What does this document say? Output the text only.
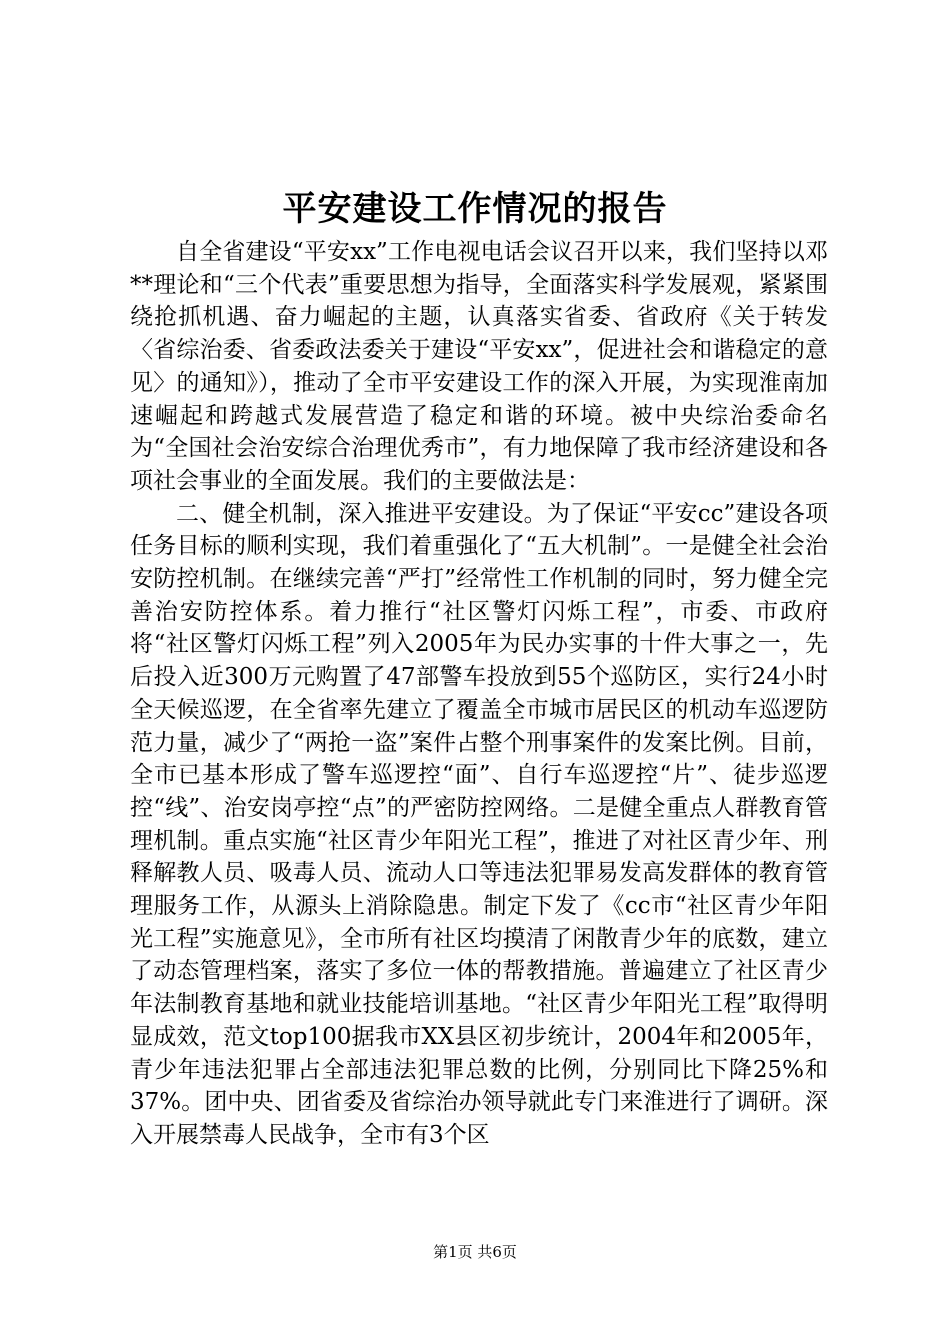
平安建设工作情况的报告

自全省建设“平安xx”工作电视电话会议召开以来，我们坚持以邓**理论和“三个代表”重要思想为指导，全面落实科学发展观，紧紧围绕抢抓机遇、奋力崛起的主题，认真落实省委、省政府《关于转发〈省综治委、省委政法委关于建设“平安xx”，促进社会和谐稳定的意见〉的通知》），推动了全市平安建设工作的深入开展，为实现淮南加速崛起和跨越式发展营造了稳定和谐的环境。被中央综治委命名为“全国社会治安综合治理优秀市”，有力地保障了我市经济建设和各项社会事业的全面发展。我们的主要做法是：

二、健全机制，深入推进平安建设。为了保证“平安cc”建设各项任务目标的顺利实现，我们着重强化了“五大机制”。一是健全社会治安防控机制。在继续完善“严打”经常性工作机制的同时，努力健全完善治安防控体系。着力推行“社区警灯闪烁工程”，市委、市政府将“社区警灯闪烁工程”列入2005年为民办实事的十件大事之一，先后投入近300万元购置了47部警车投放到55个巡防区，实行24小时全天候巡逻，在全省率先建立了覆盖全市城市居民区的机动车巡逻防范力量，减少了“两抢一盗”案件占整个刑事案件的发案比例。目前，全市已基本形成了警车巡逻控“面”、自行车巡逻控“片”、徒步巡逻控“线”、治安岗亭控“点”的严密防控网络。二是健全重点人群教育管理机制。重点实施“社区青少年阳光工程”，推进了对社区青少年、刑释解教人员、吸毒人员、流动人口等违法犯罪易发高发群体的教育管理服务工作，从源头上消除隐患。制定下发了《cc市“社区青少年阳光工程”实施意见》，全市所有社区均摸清了闲散青少年的底数，建立了动态管理档案，落实了多位一体的帮教措施。普遍建立了社区青少年法制教育基地和就业技能培训基地。“社区青少年阳光工程”取得明显成效，范文top100据我市XX县区初步统计，2004年和2005年，青少年违法犯罪占全部违法犯罪总数的比例，分别同比下降25%和37%。团中央、团省委及省综治办领导就此专门来淮进行了调研。深入开展禁毒人民战争，全市有3个区

第1页 共6页
